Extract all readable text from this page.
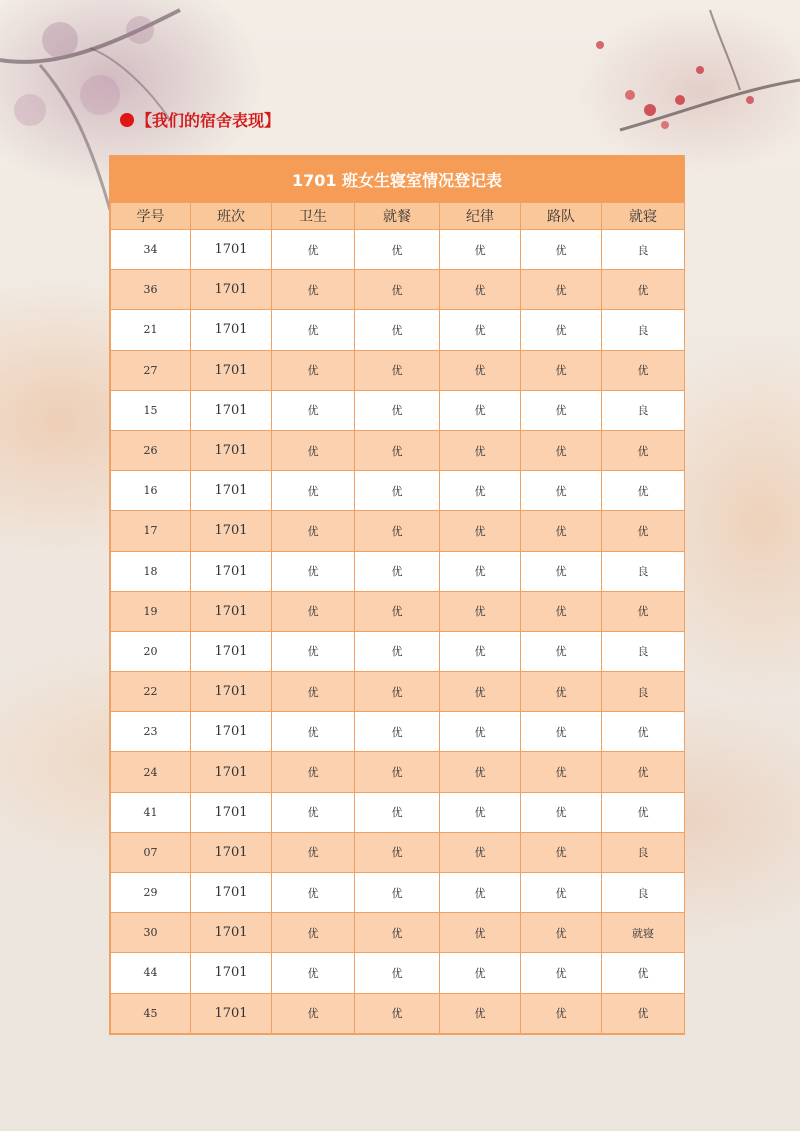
【我们的宿舍表现】
1701 班女生寝室情况登记表
学号	班次	卫生	就餐	纪律	路队	就寝
34	1701	优	优	优	优	良
36	1701	优	优	优	优	优
21	1701	优	优	优	优	良
27	1701	优	优	优	优	优
15	1701	优	优	优	优	良
26	1701	优	优	优	优	优
16	1701	优	优	优	优	优
17	1701	优	优	优	优	优
18	1701	优	优	优	优	良
19	1701	优	优	优	优	优
20	1701	优	优	优	优	良
22	1701	优	优	优	优	良
23	1701	优	优	优	优	优
24	1701	优	优	优	优	优
41	1701	优	优	优	优	优
07	1701	优	优	优	优	良
29	1701	优	优	优	优	良
30	1701	优	优	优	优	就寝
44	1701	优	优	优	优	优
45	1701	优	优	优	优	优
